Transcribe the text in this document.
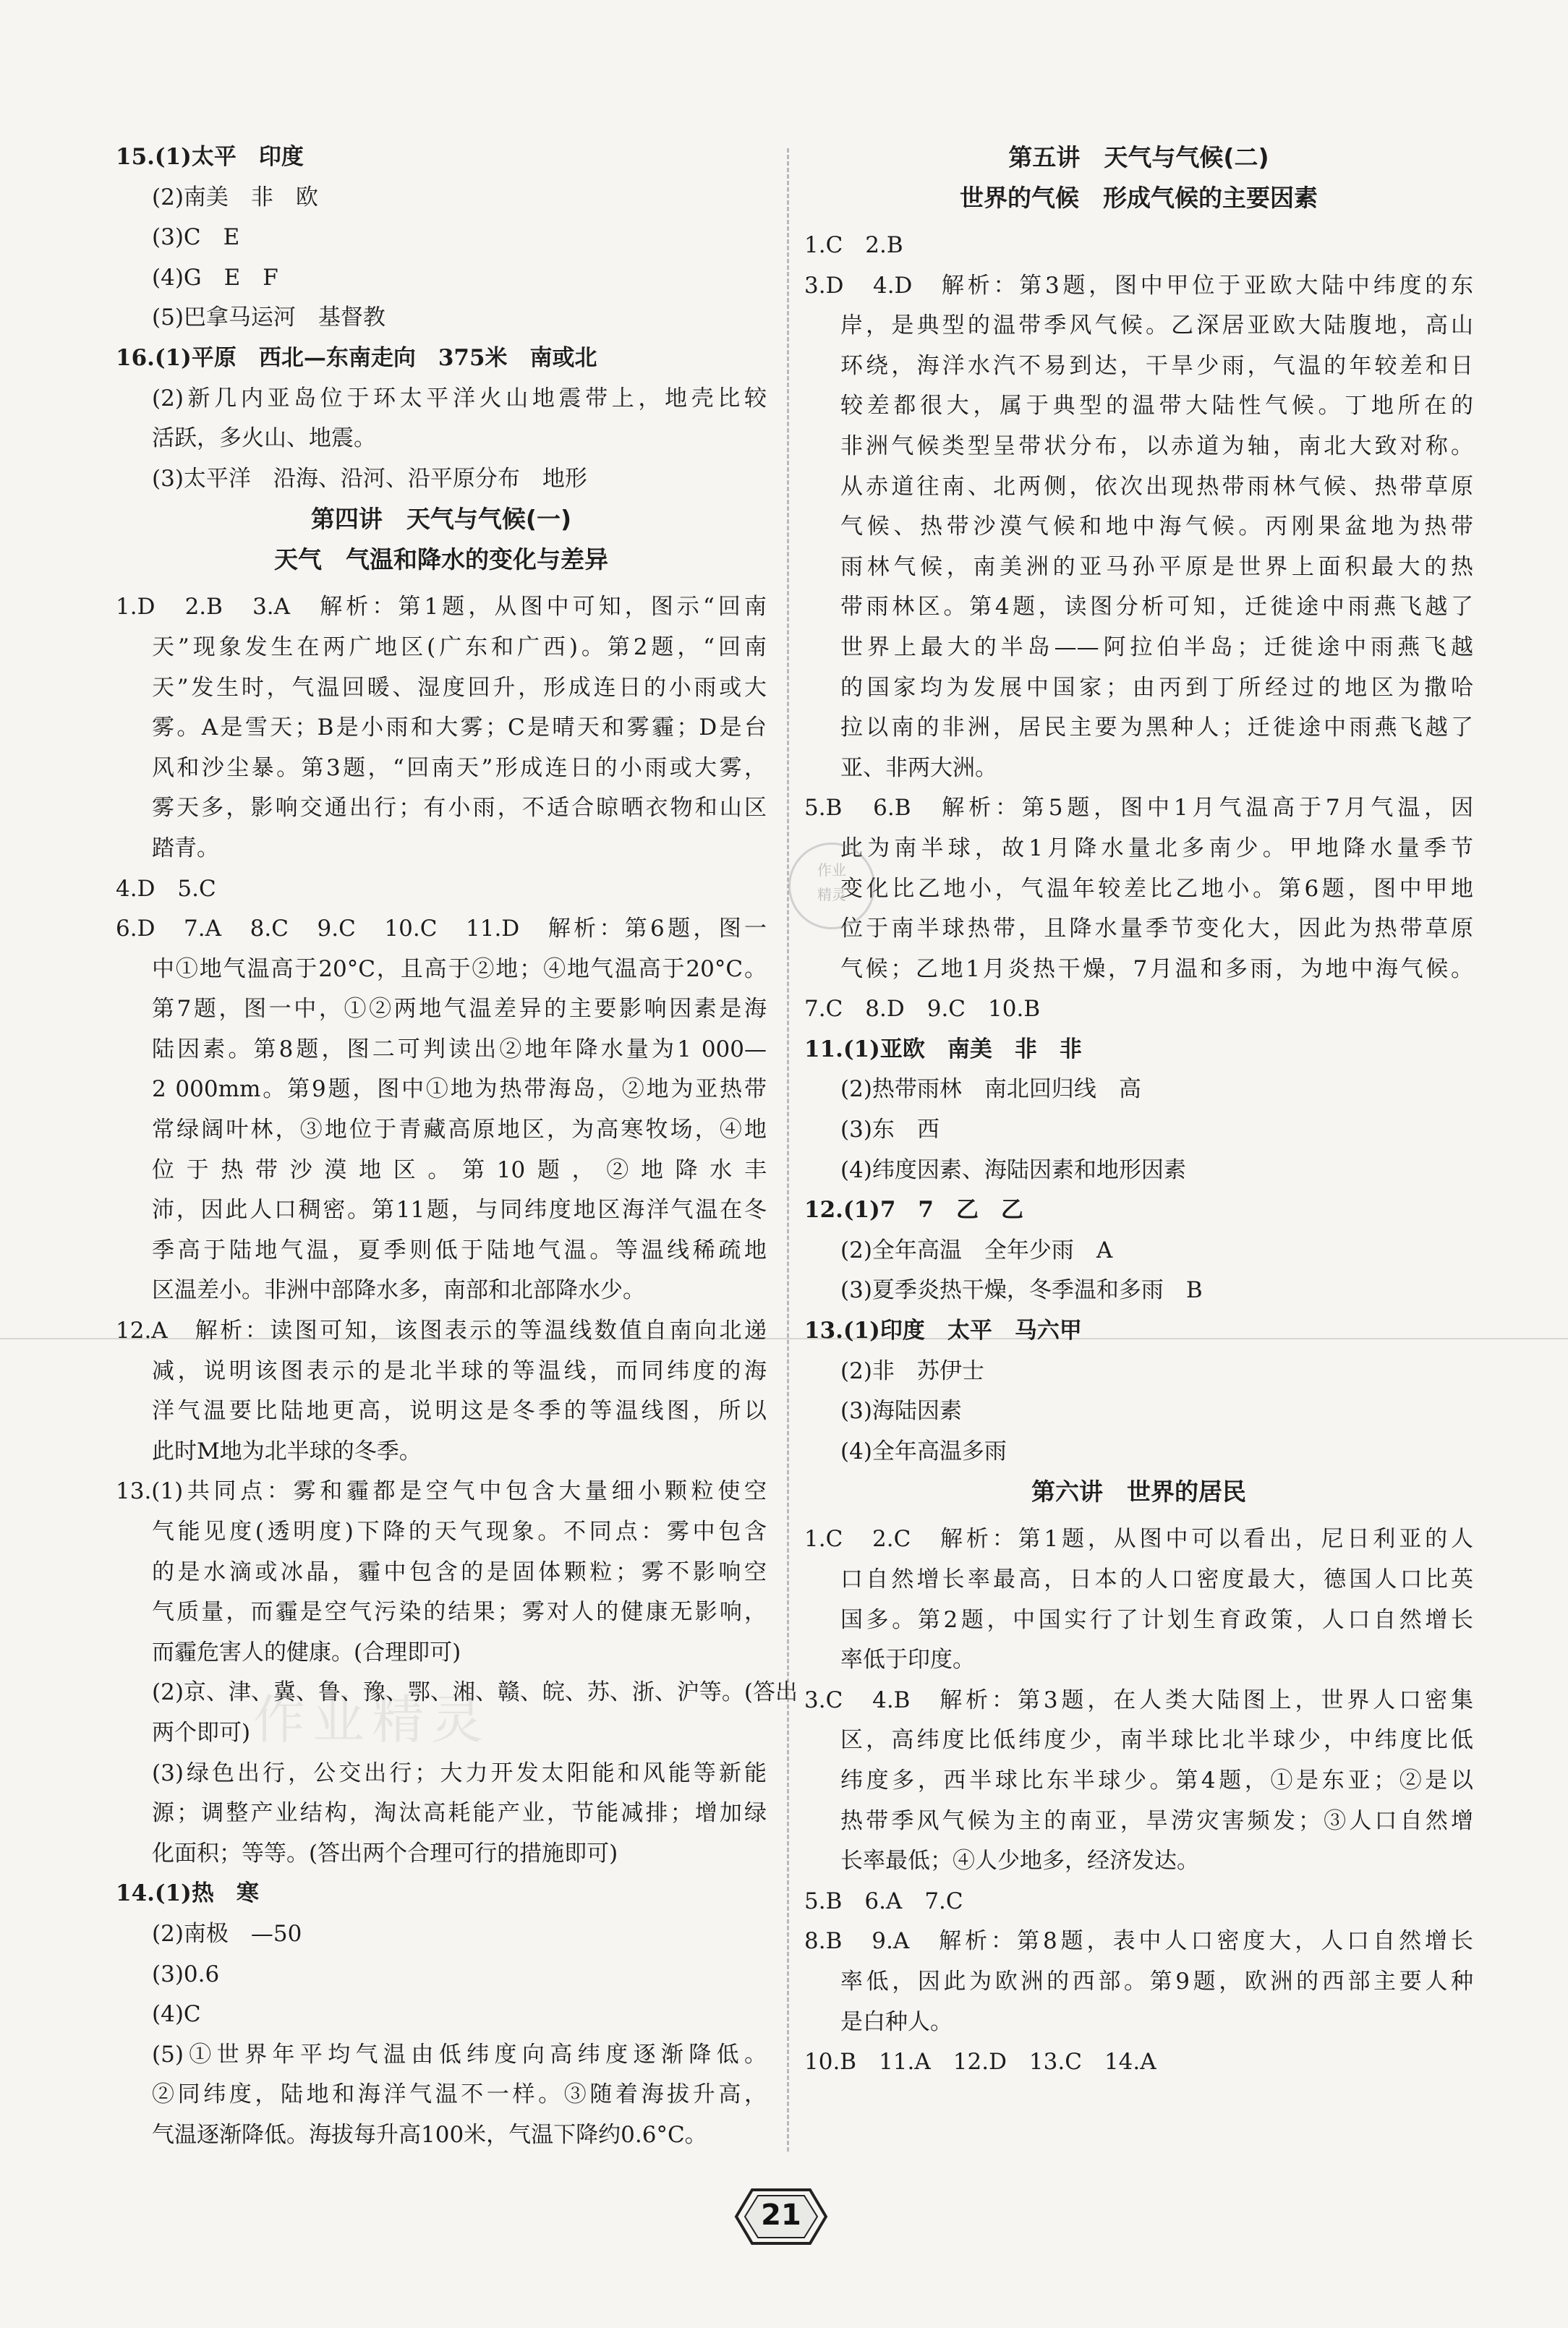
作业精灵
15.(1)太平　印度
(2)南美　非　欧
(3)C　E
(4)G　E　F
(5)巴拿马运河　基督教
16.(1)平原　西北—东南走向　375米　南或北
(2)新几内亚岛位于环太平洋火山地震带上，地壳比较
活跃，多火山、地震。
(3)太平洋　沿海、沿河、沿平原分布　地形
第四讲　天气与气候(一)
天气　气温和降水的变化与差异
1.D　2.B　3.A　解析：第1题，从图中可知，图示“回南
天”现象发生在两广地区(广东和广西)。第2题，“回南
天”发生时，气温回暖、湿度回升，形成连日的小雨或大
雾。A是雪天；B是小雨和大雾；C是晴天和雾霾；D是台
风和沙尘暴。第3题，“回南天”形成连日的小雨或大雾，
雾天多，影响交通出行；有小雨，不适合晾晒衣物和山区
踏青。
4.D　5.C
6.D　7.A　8.C　9.C　10.C　11.D　解析：第6题，图一
中①地气温高于20°C，且高于②地；④地气温高于20°C。
第7题，图一中，①②两地气温差异的主要影响因素是海
陆因素。第8题，图二可判读出②地年降水量为1 000—
2 000mm。第9题，图中①地为热带海岛，②地为亚热带
常绿阔叶林，③地位于青藏高原地区，为高寒牧场，④地
位于热带沙漠地区。第10题，②地降水丰
沛，因此人口稠密。第11题，与同纬度地区海洋气温在冬
季高于陆地气温，夏季则低于陆地气温。等温线稀疏地
区温差小。非洲中部降水多，南部和北部降水少。
12.A　解析：读图可知，该图表示的等温线数值自南向北递
减，说明该图表示的是北半球的等温线，而同纬度的海
洋气温要比陆地更高，说明这是冬季的等温线图，所以
此时M地为北半球的冬季。
13.(1)共同点：雾和霾都是空气中包含大量细小颗粒使空
气能见度(透明度)下降的天气现象。不同点：雾中包含
的是水滴或冰晶，霾中包含的是固体颗粒；雾不影响空
气质量，而霾是空气污染的结果；雾对人的健康无影响，
而霾危害人的健康。(合理即可)
(2)京、津、冀、鲁、豫、鄂、湘、赣、皖、苏、浙、沪等。(答出
两个即可)
(3)绿色出行，公交出行；大力开发太阳能和风能等新能
源；调整产业结构，淘汰高耗能产业，节能减排；增加绿
化面积；等等。(答出两个合理可行的措施即可)
14.(1)热　寒
(2)南极　—50
(3)0.6
(4)C
(5)①世界年平均气温由低纬度向高纬度逐渐降低。
②同纬度，陆地和海洋气温不一样。③随着海拔升高，
气温逐渐降低。海拔每升高100米，气温下降约0.6°C。
第五讲　天气与气候(二)
世界的气候　形成气候的主要因素
1.C　2.B
3.D　4.D　解析：第3题，图中甲位于亚欧大陆中纬度的东
岸，是典型的温带季风气候。乙深居亚欧大陆腹地，高山
环绕，海洋水汽不易到达，干旱少雨，气温的年较差和日
较差都很大，属于典型的温带大陆性气候。丁地所在的
非洲气候类型呈带状分布，以赤道为轴，南北大致对称。
从赤道往南、北两侧，依次出现热带雨林气候、热带草原
气候、热带沙漠气候和地中海气候。丙刚果盆地为热带
雨林气候，南美洲的亚马孙平原是世界上面积最大的热
带雨林区。第4题，读图分析可知，迁徙途中雨燕飞越了
世界上最大的半岛——阿拉伯半岛；迁徙途中雨燕飞越
的国家均为发展中国家；由丙到丁所经过的地区为撒哈
拉以南的非洲，居民主要为黑种人；迁徙途中雨燕飞越了
亚、非两大洲。
5.B　6.B　解析：第5题，图中1月气温高于7月气温，因
此为南半球，故1月降水量北多南少。甲地降水量季节
变化比乙地小，气温年较差比乙地小。第6题，图中甲地
位于南半球热带，且降水量季节变化大，因此为热带草原
气候；乙地1月炎热干燥，7月温和多雨，为地中海气候。
7.C　8.D　9.C　10.B
11.(1)亚欧　南美　非　非
(2)热带雨林　南北回归线　高
(3)东　西
(4)纬度因素、海陆因素和地形因素
12.(1)7　7　乙　乙
(2)全年高温　全年少雨　A
(3)夏季炎热干燥，冬季温和多雨　B
13.(1)印度　太平　马六甲
(2)非　苏伊士
(3)海陆因素
(4)全年高温多雨
第六讲　世界的居民
1.C　2.C　解析：第1题，从图中可以看出，尼日利亚的人
口自然增长率最高，日本的人口密度最大，德国人口比英
国多。第2题，中国实行了计划生育政策，人口自然增长
率低于印度。
3.C　4.B　解析：第3题，在人类大陆图上，世界人口密集
区，高纬度比低纬度少，南半球比北半球少，中纬度比低
纬度多，西半球比东半球少。第4题，①是东亚；②是以
热带季风气候为主的南亚，旱涝灾害频发；③人口自然增
长率最低；④人少地多，经济发达。
5.B　6.A　7.C
8.B　9.A　解析：第8题，表中人口密度大，人口自然增长
率低，因此为欧洲的西部。第9题，欧洲的西部主要人种
是白种人。
10.B　11.A　12.D　13.C　14.A
作业
精灵
21
